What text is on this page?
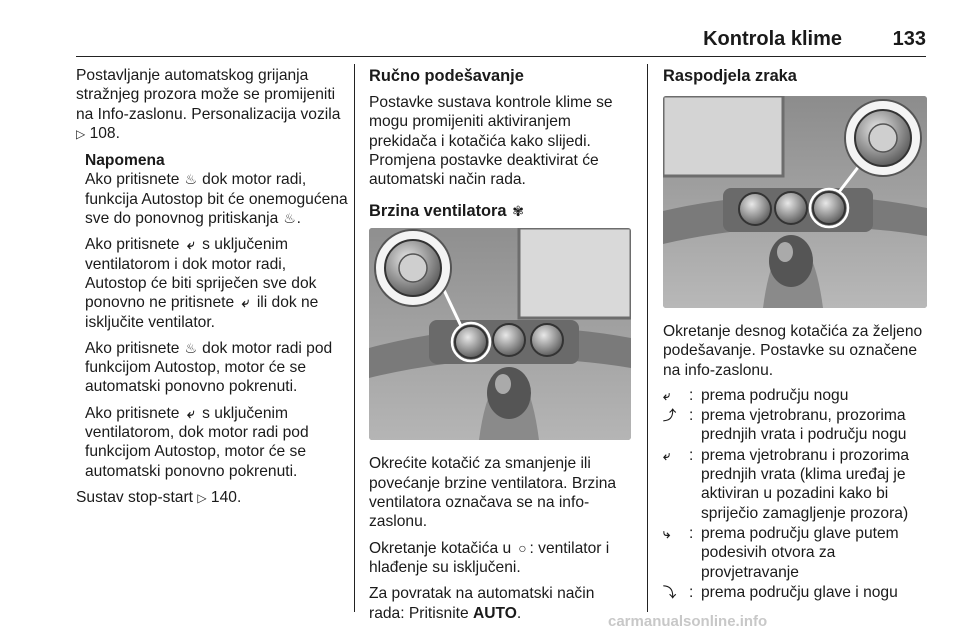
Kontrola klime	133

Postavljanje automatskog grijanja stražnjeg prozora može se promijeniti na Info-zaslonu. Personalizacija vozila ▷ 108.

Napomena

Ako pritisnete ♨ dok motor radi, funkcija Autostop bit će onemogućena sve do ponovnog pritiskanja ♨.

Ako pritisnete ⤶ s uključenim ventilatorom i dok motor radi, Autostop će biti spriječen sve dok ponovno ne pritisnete ⤶ ili dok ne isključite ventilator.

Ako pritisnete ♨ dok motor radi pod funkcijom Autostop, motor će se automatski ponovno pokrenuti.

Ako pritisnete ⤶ s uključenim ventilatorom, dok motor radi pod funkcijom Autostop, motor će se automatski ponovno pokrenuti.

Sustav stop-start ▷ 140.

Ručno podešavanje

Postavke sustava kontrole klime se mogu promijeniti aktiviranjem prekidača i kotačića kako slijedi. Promjena postavke deaktivirat će automatski način rada.

Brzina ventilatora ✾

Okrećite kotačić za smanjenje ili povećanje brzine ventilatora. Brzina ventilatora označava se na info-zaslonu.

Okretanje kotačića u ○ : ventilator i hlađenje su isključeni.

Za povratak na automatski način rada: Pritisnite AUTO.

Raspodjela zraka

Okretanje desnog kotačića za željeno podešavanje. Postavke su označene na info-zaslonu.

⤶	: prema području nogu
⤴ : prema vjetrobranu, prozorima prednjih vrata i području nogu
⤶	: prema vjetrobranu i prozorima prednjih vrata (klima uređaj je aktiviran u pozadini kako bi spriječio zamagljenje prozora)
⤷	: prema području glave putem podesivih otvora za provjetravanje
⤵ : prema području glave i nogu
carmanualsonline.info
